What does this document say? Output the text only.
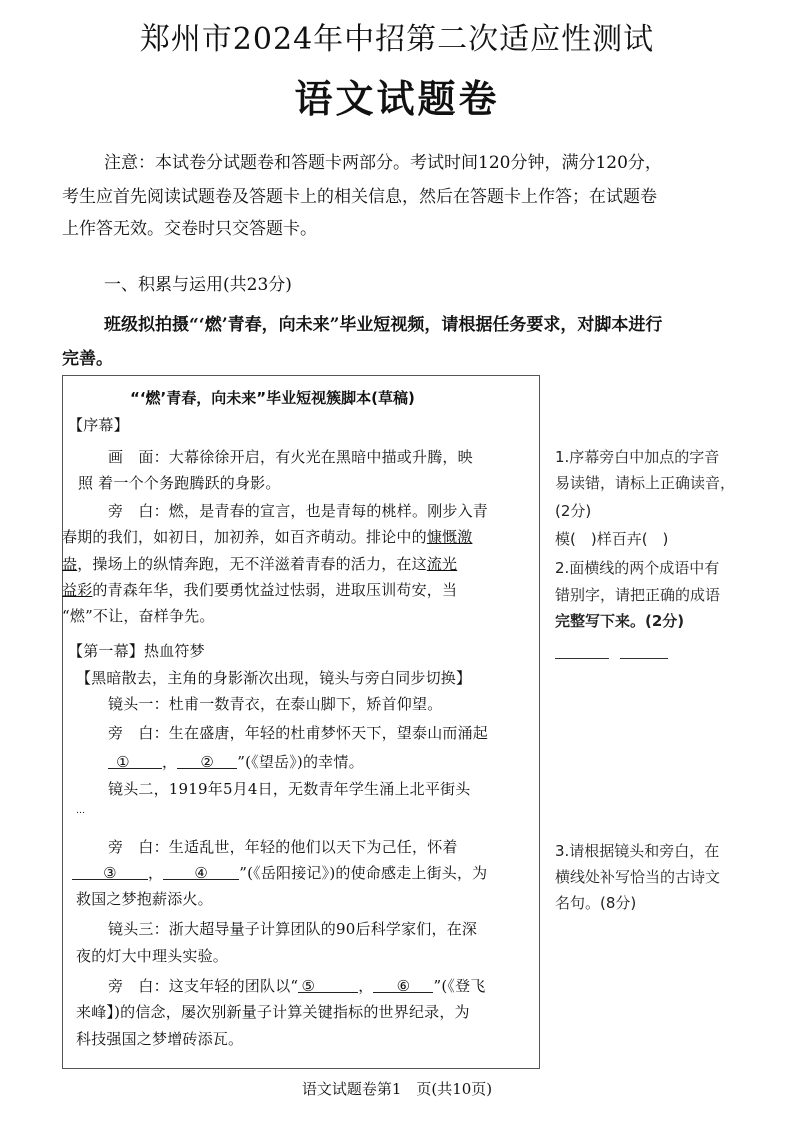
郑州市2024年中招第二次适应性测试
语文试题卷
注意：本试卷分试题卷和答题卡两部分。考试时间120分钟，满分120分，
考生应首先阅读试题卷及答题卡上的相关信息，然后在答题卡上作答；在试题卷
上作答无效。交卷时只交答题卡。
一、积累与运用(共23分)
班级拟拍摄“‘燃’青春，向未来”毕业短视频，请根据任务要求，对脚本进行
完善。
“‘燃’青春，向未来”毕业短视簇脚本(草稿)
【序幕】
画　面：大幕徐徐开启，有火光在黑暗中描或升腾，映
照 着一个个务跑腾跃的身影。
旁　白：燃，是青春的宣言，也是青每的桃样。刚步入青
春期的我们，如初日，加初养，如百齐萌动。排论中的慷慨激
盎，操场上的纵情奔跑，无不洋滋着青春的活力，在这流光
益彩的青森年华，我们要勇忱益过怯弱，进取压训苟安，当
“燃”不让，奋样争先。
【第一幕】热血符梦
【黑暗散去，主角的身影渐次出现，镜头与旁白同步切换】
镜头一：杜甫一数青衣，在泰山脚下，矫首仰望。
旁　白：生在盛唐，年轻的杜甫梦怀天下，望泰山而涌起
① ， ② ”(《望岳》)的幸情。
镜头二，1919年5月4日，无数青年学生涌上北平街头
…
旁　白：生适乱世，年轻的他们以天下为己任，怀着
③ ， ④ ”(《岳阳接记》)的使命感走上街头，为
救国之梦抱薪添火。
镜头三：浙大超导量子计算团队的90后科学家们，在深
夜的灯大中理头实验。
旁　白：这支年轻的团队以“ ⑤	， ⑥ ”(《登飞
来峰】)的信念，屡次别新量子计算关键指标的世界纪录，为
科技强国之梦增砖添瓦。
1.序幕旁白中加点的字音
易读错，请标上正确读音，
(2分)
模(　)样百卉(　)
2.面横线的两个成语中有
错别字，请把正确的成语
完整写下来。(2分)
3.请根据镜头和旁白，在
横线处补写恰当的古诗文
名句。(8分)
语文试题卷第1　页(共10页)
